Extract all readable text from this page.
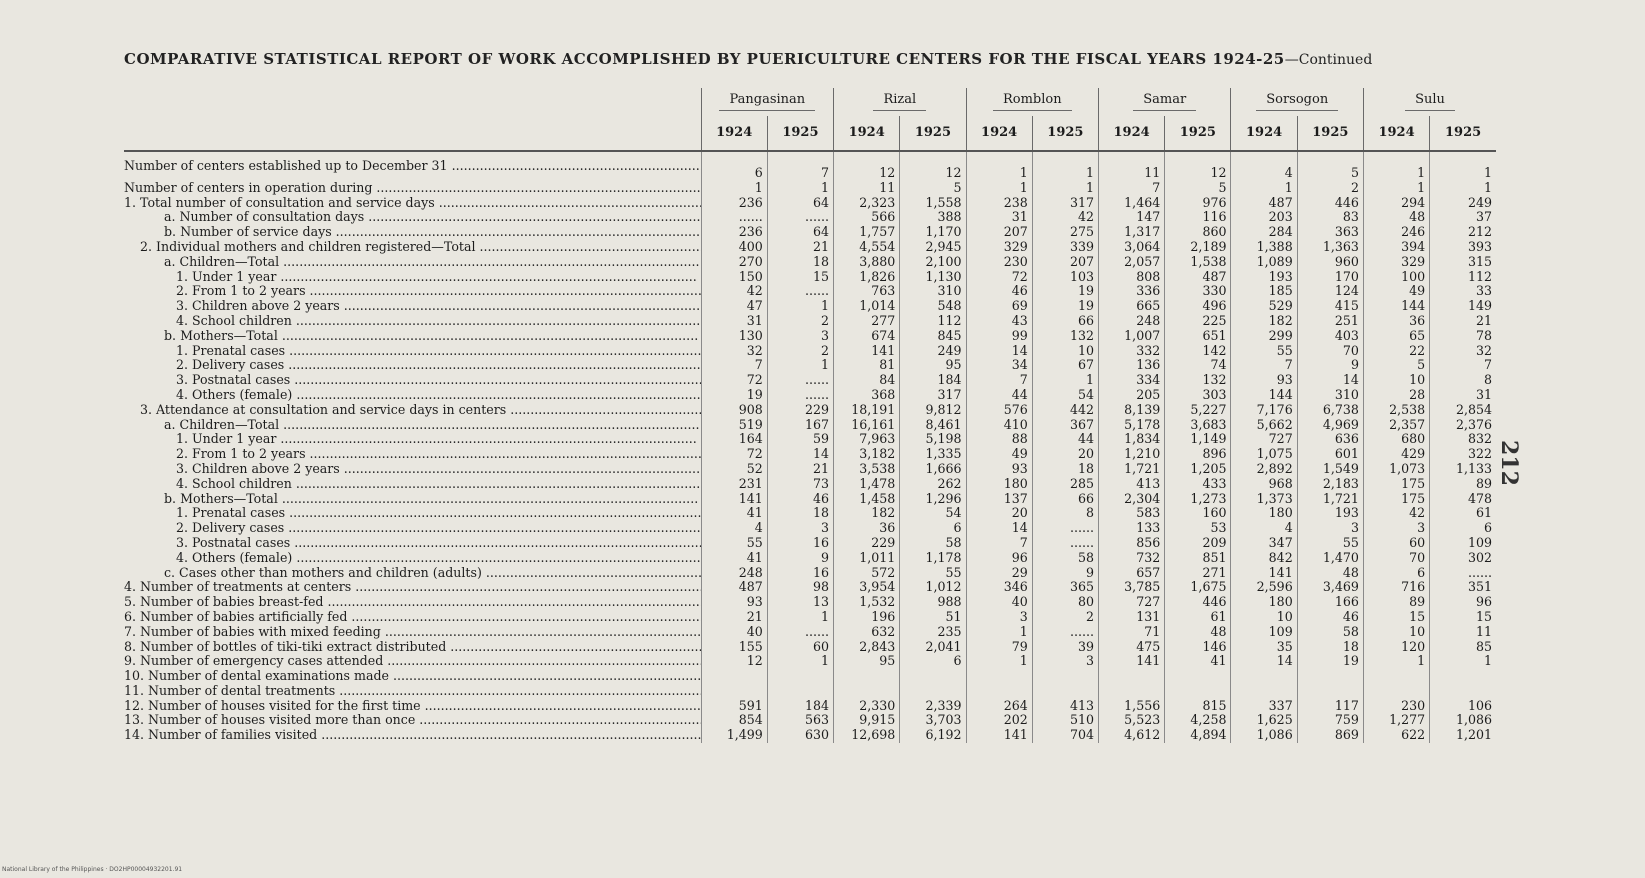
COMPARATIVE STATISTICAL REPORT OF WORK ACCOMPLISHED BY PUERICULTURE CENTERS FOR THE FISCAL YEARS 1924-25—Continued
	Pangasinan		Rizal		Romblon		Samar		Sorsogon		Sulu	
	1924	1925	1924	1925	1924	1925	1924	1925	1924	1925	1924	1925
Number of centers established up to December 31 .....	6	7	12	12	1	1	11	12	4	5	1	1
Number of centers in operation during .....	1	1	11	5	1	1	7	5	1	2	1	1
1. Total number of consultation and service days .....	236	64	2,323	1,558	238	317	1,464	976	487	446	294	249
a. Number of consultation days .....	......	......	566	388	31	42	147	116	203	83	48	37
b. Number of service days .....	236	64	1,757	1,170	207	275	1,317	860	284	363	246	212
2. Individual mothers and children registered—Total .....	400	21	4,554	2,945	329	339	3,064	2,189	1,388	1,363	394	393
a. Children—Total .....	270	18	3,880	2,100	230	207	2,057	1,538	1,089	960	329	315
1. Under 1 year .....	150	15	1,826	1,130	72	103	808	487	193	170	100	112
2. From 1 to 2 years .....	42	......	763	310	46	19	336	330	185	124	49	33
3. Children above 2 years .....	47	1	1,014	548	69	19	665	496	529	415	144	149
4. School children .....	31	2	277	112	43	66	248	225	182	251	36	21
b. Mothers—Total .....	130	3	674	845	99	132	1,007	651	299	403	65	78
1. Prenatal cases .....	32	2	141	249	14	10	332	142	55	70	22	32
2. Delivery cases .....	7	1	81	95	34	67	136	74	7	9	5	7
3. Postnatal cases .....	72	......	84	184	7	1	334	132	93	14	10	8
4. Others (female) .....	19	......	368	317	44	54	205	303	144	310	28	31
3. Attendance at consultation and service days in centers .....	908	229	18,191	9,812	576	442	8,139	5,227	7,176	6,738	2,538	2,854
a. Children—Total .....	519	167	16,161	8,461	410	367	5,178	3,683	5,662	4,969	2,357	2,376
1. Under 1 year .....	164	59	7,963	5,198	88	44	1,834	1,149	727	636	680	832
2. From 1 to 2 years .....	72	14	3,182	1,335	49	20	1,210	896	1,075	601	429	322
3. Children above 2 years .....	52	21	3,538	1,666	93	18	1,721	1,205	2,892	1,549	1,073	1,133
4. School children .....	231	73	1,478	262	180	285	413	433	968	2,183	175	89
b. Mothers—Total .....	141	46	1,458	1,296	137	66	2,304	1,273	1,373	1,721	175	478
1. Prenatal cases .....	41	18	182	54	20	8	583	160	180	193	42	61
2. Delivery cases .....	4	3	36	6	14	......	133	53	4	3	3	6
3. Postnatal cases .....	55	16	229	58	7	......	856	209	347	55	60	109
4. Others (female) .....	41	9	1,011	1,178	96	58	732	851	842	1,470	70	302
c. Cases other than mothers and children (adults) .....	248	16	572	55	29	9	657	271	141	48	6	......
4. Number of treatments at centers .....	487	98	3,954	1,012	346	365	3,785	1,675	2,596	3,469	716	351
5. Number of babies breast-fed .....	93	13	1,532	988	40	80	727	446	180	166	89	96
6. Number of babies artificially fed .....	21	1	196	51	3	2	131	61	10	46	15	15
7. Number of babies with mixed feeding .....	40	......	632	235	1	......	71	48	109	58	10	11
8. Number of bottles of tiki-tiki extract distributed .....	155	60	2,843	2,041	79	39	475	146	35	18	120	85
9. Number of emergency cases attended .....	12	1	95	6	1	3	141	41	14	19	1	1
10. Number of dental examinations made .....												
11. Number of dental treatments .....												
12. Number of houses visited for the first time .....	591	184	2,330	2,339	264	413	1,556	815	337	117	230	106
13. Number of houses visited more than once .....	854	563	9,915	3,703	202	510	5,523	4,258	1,625	759	1,277	1,086
14. Number of families visited .....	1,499	630	12,698	6,192	141	704	4,612	4,894	1,086	869	622	1,201
212
National Library of the Philippines · DO2HP00004932201.91
